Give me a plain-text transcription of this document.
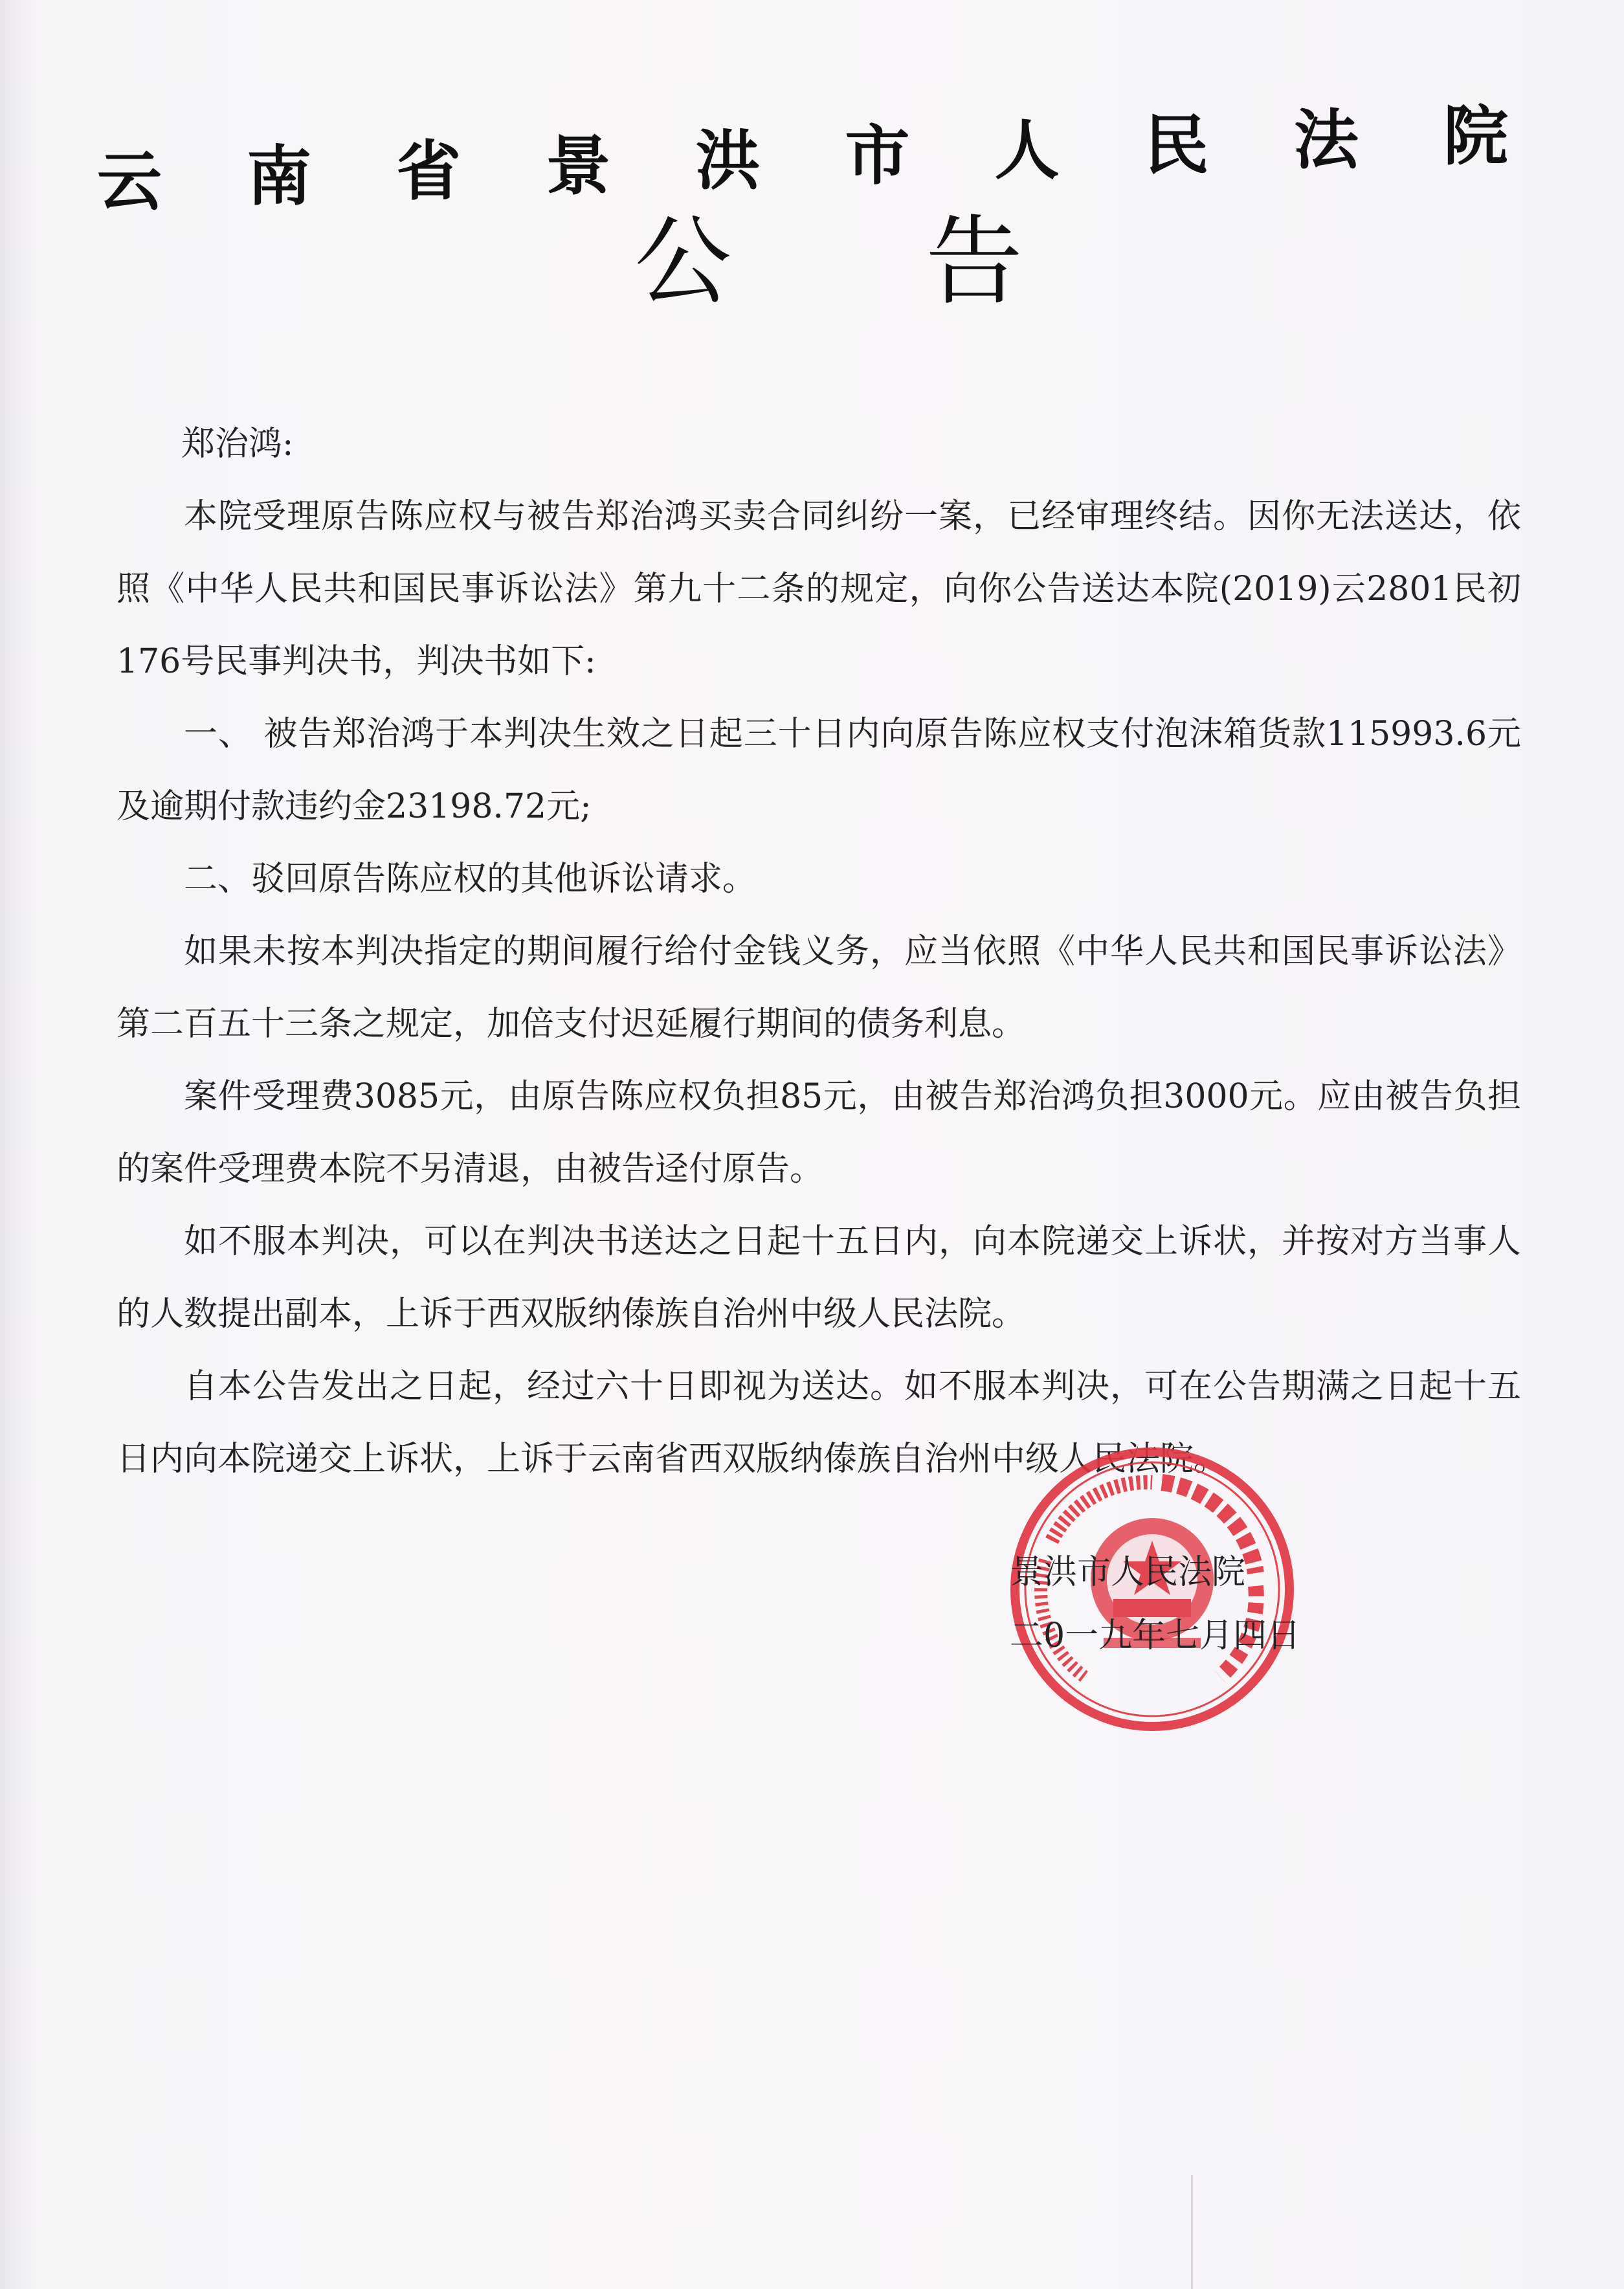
云 南 省 景 洪 市 人 民 法 院
公 告

郑治鸿:

本院受理原告陈应权与被告郑治鸿买卖合同纠纷一案，已经审理终结。因你无法送达，依照《中华人民共和国民事诉讼法》第九十二条的规定，向你公告送达本院(2019)云2801民初176号民事判决书，判决书如下:

一、 被告郑治鸿于本判决生效之日起三十日内向原告陈应权支付泡沫箱货款115993.6元及逾期付款违约金23198.72元;

二、驳回原告陈应权的其他诉讼请求。

如果未按本判决指定的期间履行给付金钱义务，应当依照《中华人民共和国民事诉讼法》第二百五十三条之规定，加倍支付迟延履行期间的债务利息。

案件受理费3085元，由原告陈应权负担85元，由被告郑治鸿负担3000元。应由被告负担的案件受理费本院不另清退，由被告迳付原告。

如不服本判决，可以在判决书送达之日起十五日内，向本院递交上诉状，并按对方当事人的人数提出副本，上诉于西双版纳傣族自治州中级人民法院。

自本公告发出之日起，经过六十日即视为送达。如不服本判决，可在公告期满之日起十五日内向本院递交上诉状，上诉于云南省西双版纳傣族自治州中级人民法院。

景洪市人民法院
二0一九年七月四日
